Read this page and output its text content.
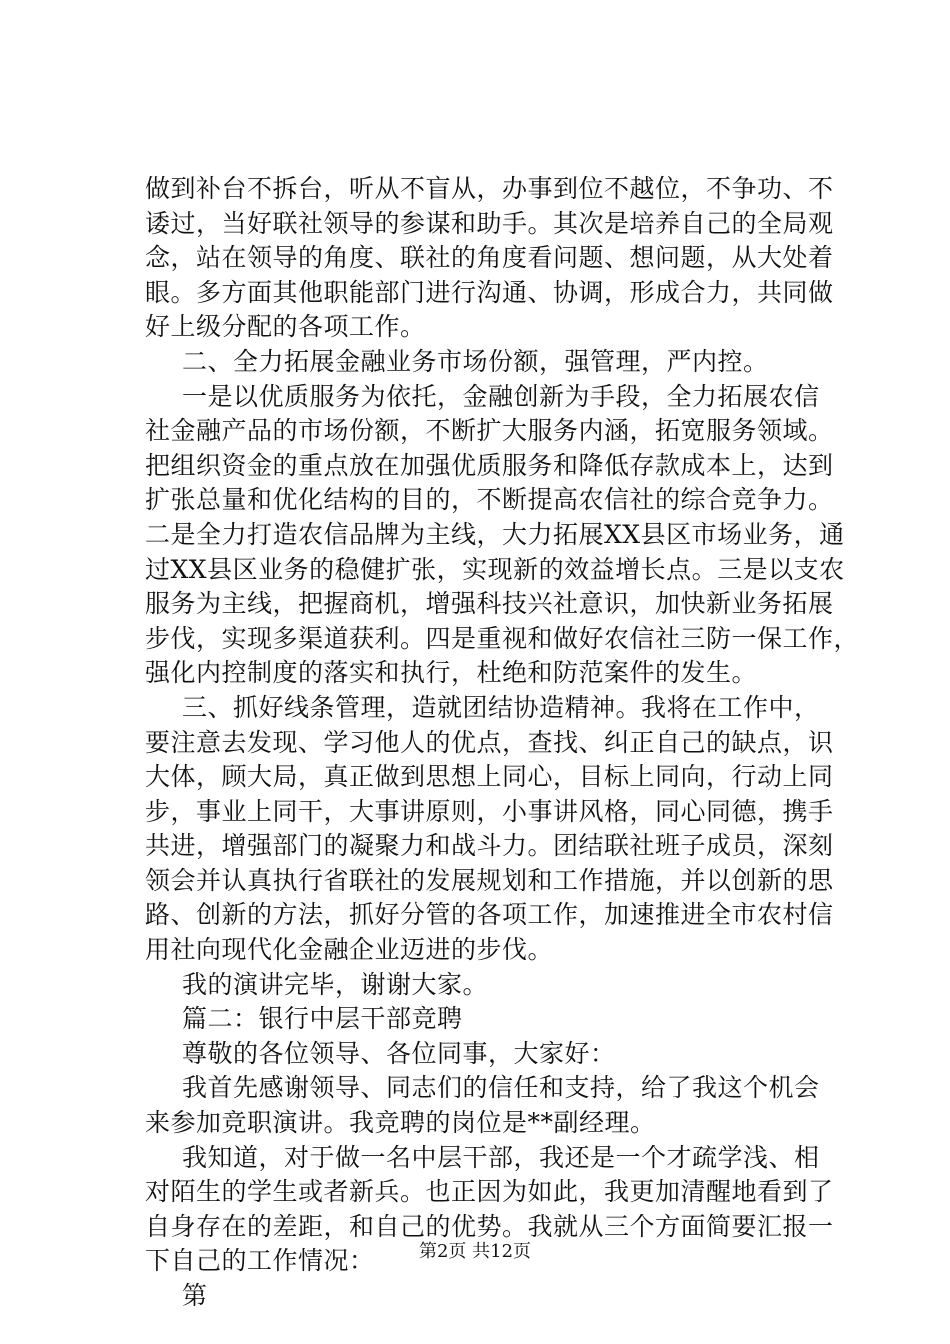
做到补台不拆台，听从不盲从，办事到位不越位，不争功、不
诿过，当好联社领导的参谋和助手。其次是培养自己的全局观
念，站在领导的角度、联社的角度看问题、想问题，从大处着
眼。多方面其他职能部门进行沟通、协调，形成合力，共同做
好上级分配的各项工作。
二、全力拓展金融业务市场份额，强管理，严内控。
一是以优质服务为依托，金融创新为手段，全力拓展农信
社金融产品的市场份额，不断扩大服务内涵，拓宽服务领域。
把组织资金的重点放在加强优质服务和降低存款成本上，达到
扩张总量和优化结构的目的，不断提高农信社的综合竞争力。
二是全力打造农信品牌为主线，大力拓展XX县区市场业务，通
过XX县区业务的稳健扩张，实现新的效益增长点。三是以支农
服务为主线，把握商机，增强科技兴社意识，加快新业务拓展
步伐，实现多渠道获利。四是重视和做好农信社三防一保工作，
强化内控制度的落实和执行，杜绝和防范案件的发生。
三、抓好线条管理，造就团结协造精神。我将在工作中，
要注意去发现、学习他人的优点，查找、纠正自己的缺点，识
大体，顾大局，真正做到思想上同心，目标上同向，行动上同
步，事业上同干，大事讲原则，小事讲风格，同心同德，携手
共进，增强部门的凝聚力和战斗力。团结联社班子成员，深刻
领会并认真执行省联社的发展规划和工作措施，并以创新的思
路、创新的方法，抓好分管的各项工作，加速推进全市农村信
用社向现代化金融企业迈进的步伐。
我的演讲完毕，谢谢大家。
篇二：银行中层干部竞聘
尊敬的各位领导、各位同事，大家好：
我首先感谢领导、同志们的信任和支持，给了我这个机会
来参加竞职演讲。我竞聘的岗位是**副经理。
我知道，对于做一名中层干部，我还是一个才疏学浅、相
对陌生的学生或者新兵。也正因为如此，我更加清醒地看到了
自身存在的差距，和自己的优势。我就从三个方面简要汇报一
下自己的工作情况：
第
第2页 共12页
